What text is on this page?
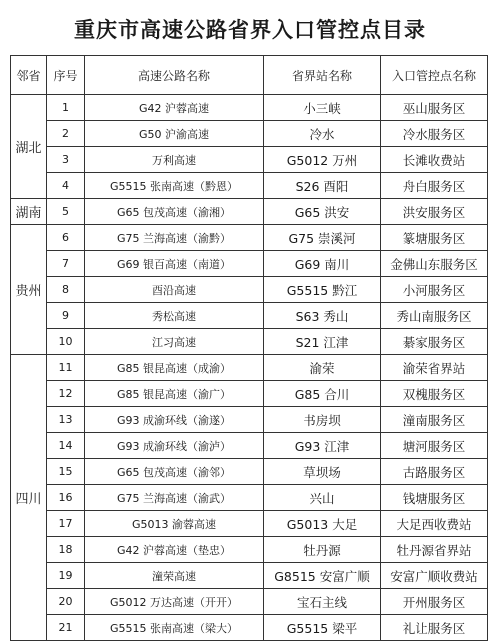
重庆市高速公路省界入口管控点目录
邻省	序号	高速公路名称	省界站名称	入口管控点名称
湖北	1	G42 沪蓉高速	小三峡	巫山服务区
	2	G50 沪渝高速	冷水	冷水服务区
	3	万利高速	G5012 万州	长滩收费站
	4	G5515 张南高速（黔恩）	S26 酉阳	舟白服务区
湖南	5	G65 包茂高速（渝湘）	G65 洪安	洪安服务区
贵州	6	G75 兰海高速（渝黔）	G75 崇溪河	篆塘服务区
	7	G69 银百高速（南道）	G69 南川	金佛山东服务区
	8	酉沿高速	G5515 黔江	小河服务区
	9	秀松高速	S63 秀山	秀山南服务区
	10	江习高速	S21 江津	綦家服务区
四川	11	G85 银昆高速（成渝）	渝荣	渝荣省界站
	12	G85 银昆高速（渝广）	G85 合川	双槐服务区
	13	G93 成渝环线（渝遂）	书房坝	潼南服务区
	14	G93 成渝环线（渝泸）	G93 江津	塘河服务区
	15	G65 包茂高速（渝邻）	草坝场	古路服务区
	16	G75 兰海高速（渝武）	兴山	钱塘服务区
	17	G5013 渝蓉高速	G5013 大足	大足西收费站
	18	G42 沪蓉高速（垫忠）	牡丹源	牡丹源省界站
	19	潼荣高速	G8515 安富广顺	安富广顺收费站
	20	G5012 万达高速（开开）	宝石主线	开州服务区
	21	G5515 张南高速（梁大）	G5515 梁平	礼让服务区
